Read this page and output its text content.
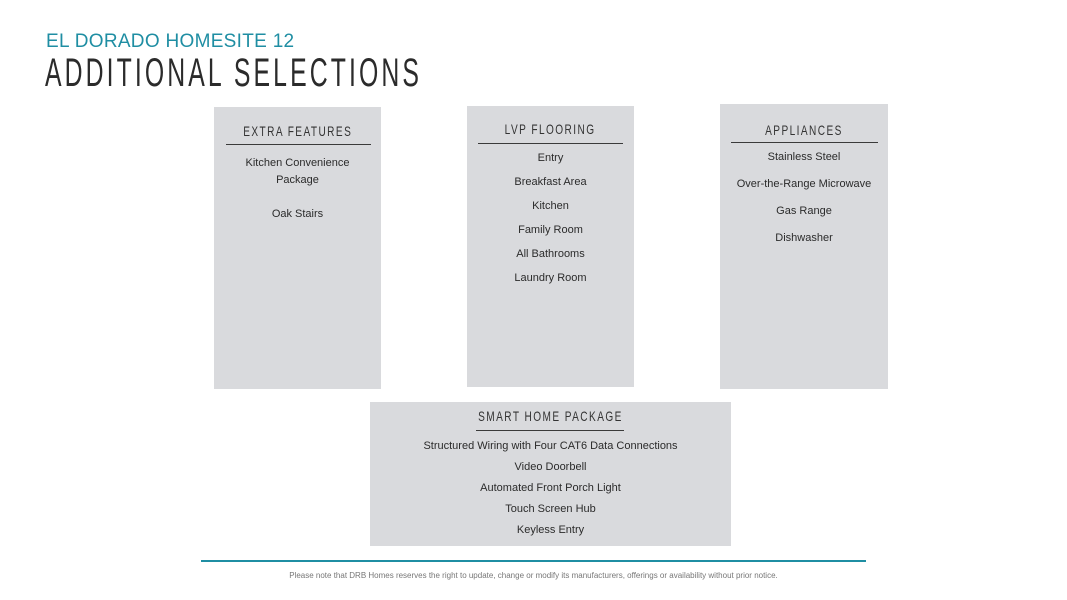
EL DORADO HOMESITE 12
ADDITIONAL SELECTIONS
EXTRA FEATURES
Kitchen Convenience Package
Oak Stairs
LVP FLOORING
Entry
Breakfast Area
Kitchen
Family Room
All Bathrooms
Laundry Room
APPLIANCES
Stainless Steel
Over-the-Range Microwave
Gas Range
Dishwasher
SMART HOME PACKAGE
Structured Wiring with Four CAT6 Data Connections
Video Doorbell
Automated Front Porch Light
Touch Screen Hub
Keyless Entry
Please note that DRB Homes reserves the right to update, change or modify its manufacturers, offerings or availability without prior notice.
